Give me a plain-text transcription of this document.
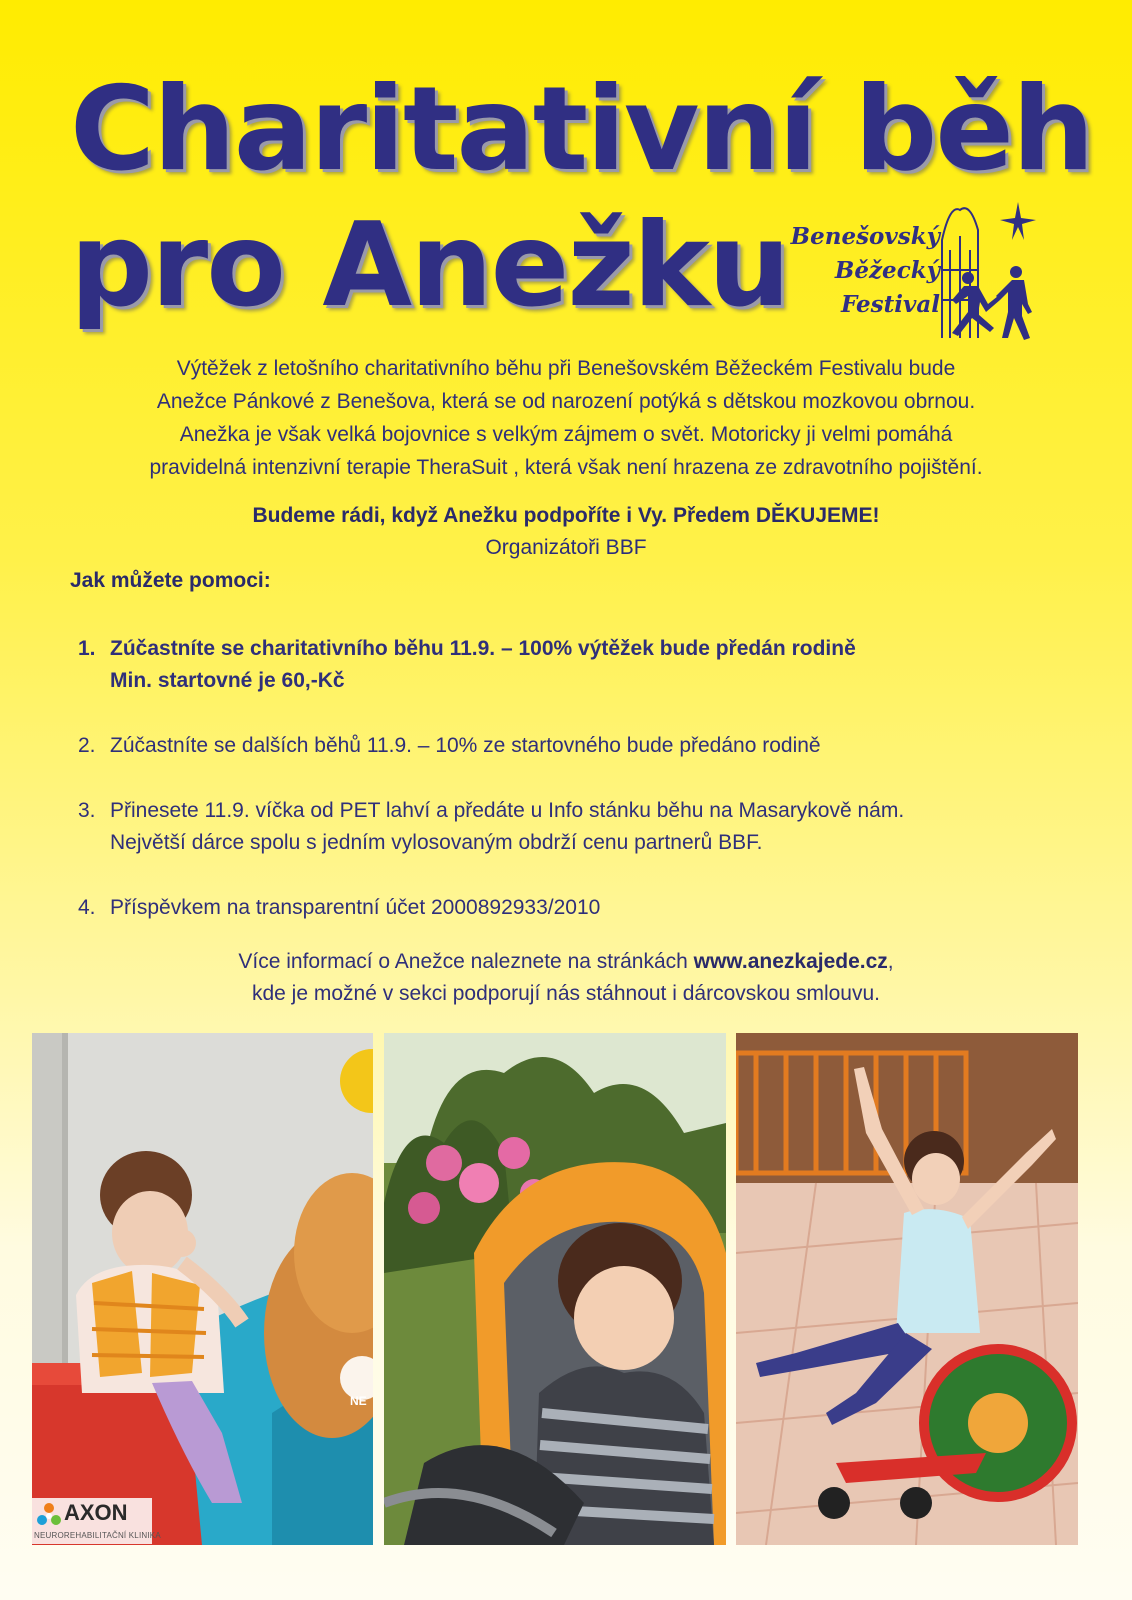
Charitativní běh
pro Anežku Benešovský
Běžecký
Festival
Výtěžek z letošního charitativního běhu při Benešovském Běžeckém Festivalu bude
Anežce Pánkové z Benešova, která se od narození potýká s dětskou mozkovou obrnou.
Anežka je však velká bojovnice s velkým zájmem o svět. Motoricky ji velmi pomáhá
pravidelná intenzivní terapie TheraSuit , která však není hrazena ze zdravotního pojištění.
Budeme rádi, když Anežku podpoříte i Vy. Předem DĚKUJEME!
Organizátoři BBF
Jak můžete pomoci:
1. Zúčastníte se charitativního běhu 11.9. – 100% výtěžek bude předán rodině
Min. startovné je 60,-Kč
2. Zúčastníte se dalších běhů 11.9. – 10% ze startovného bude předáno rodině
3. Přinesete 11.9. víčka od PET lahví a předáte u Info stánku běhu na Masarykově nám.
Největší dárce spolu s jedním vylosovaným obdrží cenu partnerů BBF.
4. Příspěvkem na transparentní účet 2000892933/2010
Více informací o Anežce naleznete na stránkách www.anezkajede.cz,
kde je možné v sekci podporují nás stáhnout i dárcovskou smlouvu.
NE
AXON
NEUROREHABILITAČNÍ KLINIKA
